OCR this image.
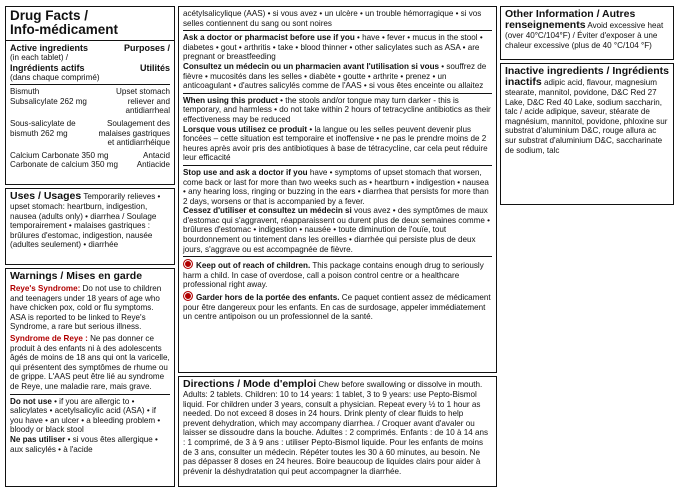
Drug Facts /
Info-médicament
Active ingredients	Purposes /
(in each tablet) /
Ingrédients actifs	Utilités
(dans chaque comprimé)
Bismuth	Upset stomach
Subsalicylate 262 mg	reliever and
antidiarrheal
Sous-salicylate de	Soulagement des
bismuth 262 mg	malaises gastriques
et antidiarrhéique
Calcium Carbonate 350 mg	Antacid
Carbonate de calcium 350 mg Antiacide

Uses / Usages Temporarily relieves • upset stomach: heartburn, indigestion, nausea (adults only) • diarrhea / Soulage temporairement • malaises gastriques : brûlures d'estomac, indigestion, nausée (adultes seulement) • diarrhée

Warnings / Mises en garde

Reye's Syndrome: Do not use to children and teenagers under 18 years of age who have chicken pox, cold or flu symptoms. ASA is reported to be linked to Reye's Syndrome, a rare but serious illness.

Syndrome de Reye : Ne pas donner ce produit à des enfants ni à des adolescents âgés de moins de 18 ans qui ont la varicelle, qui présentent des symptômes de rhume ou de grippe. L'AAS peut être lié au syndrome de Reye, une maladie rare, mais grave.

Do not use • if you are allergic to • salicylates • acetylsalicylic acid (ASA) • if you have • an ulcer • a bleeding problem • bloody or black stool

Ne pas utiliser • si vous êtes allergique • aux salicylés • à l'acide

acétylsalicylique (AAS) • si vous avez • un ulcère • un trouble hémorragique • si vos selles contiennent du sang ou sont noires

Ask a doctor or pharmacist before use if you • have • fever • mucus in the stool • diabetes • gout • arthritis • take • blood thinner • other salicylates such as ASA • are pregnant or breastfeeding

Consultez un médecin ou un pharmacien avant l'utilisation si vous • souffrez de fièvre • mucosités dans les selles • diabète • goutte • arthrite • prenez • un anticoagulant • d'autres salicylés comme de l'AAS • si vous êtes enceinte ou allaitez

When using this product • the stools and/or tongue may turn darker - this is temporary, and harmless • do not take within 2 hours of tetracycline antibiotics as their effectiveness may be reduced

Lorsque vous utilisez ce produit • la langue ou les selles peuvent devenir plus foncées – cette situation est temporaire et inoffensive • ne pas le prendre moins de 2 heures après avoir pris des antibiotiques à base de tétracycline, car cela peut réduire leur efficacité

Stop use and ask a doctor if you have • symptoms of upset stomach that worsen, come back or last for more than two weeks such as • heartburn • indigestion • nausea • any hearing loss, ringing or buzzing in the ears • diarrhea that persists for more than 2 days, worsens or that is accompanied by a fever.

Cessez d'utiliser et consultez un médecin si vous avez • des symptômes de maux d'estomac qui s'aggravent, réapparaissent ou durent plus de deux semaines comme • brûlures d'estomac • indigestion • nausée • toute diminution de l'ouïe, tout bourdonnement ou tintement dans les oreilles • diarrhée qui persiste plus de deux jours, s'aggrave ou est accompagnée de fièvre.

Keep out of reach of children. This package contains enough drug to seriously harm a child. In case of overdose, call a poison control centre or a healthcare professional right away.

Garder hors de la portée des enfants. Ce paquet contient assez de médicament pour être dangereux pour les enfants. En cas de surdosage, appeler immédiatement un centre antipoison ou un professionnel de la santé.

Directions / Mode d'emploi Chew before swallowing or dissolve in mouth. Adults: 2 tablets. Children: 10 to 14 years: 1 tablet, 3 to 9 years: use Pepto-Bismol liquid. For children under 3 years, consult a physician. Repeat every ½ to 1 hour as needed. Do not exceed 8 doses in 24 hours. Drink plenty of clear fluids to help prevent dehydration, which may accompany diarrhea. / Croquer avant d'avaler ou laisser se dissoudre dans la bouche. Adultes : 2 comprimés. Enfants : de 10 à 14 ans : 1 comprimé, de 3 à 9 ans : utiliser Pepto-Bismol liquide. Pour les enfants de moins de 3 ans, consulter un médecin. Répéter toutes les 30 à 60 minutes, au besoin. Ne pas dépasser 8 doses en 24 heures. Boire beaucoup de liquides clairs pour aider à prévenir la déshydratation qui peut accompagner la diarrhée.

Other Information / Autres renseignements Avoid excessive heat (over 40°C/104°F) / Éviter d'exposer à une chaleur excessive (plus de 40 °C/104 °F)

Inactive ingredients / Ingrédients inactifs adipic acid, flavour, magnesium stearate, mannitol, povidone, D&C Red 27 Lake, D&C Red 40 Lake, sodium saccharin, talc / acide adipique, saveur, stéarate de magnésium, mannitol, povidone, phloxine sur substrat d'aluminium D&C, rouge allura ac sur substrat d'aluminium D&C, saccharinate de sodium, talc
